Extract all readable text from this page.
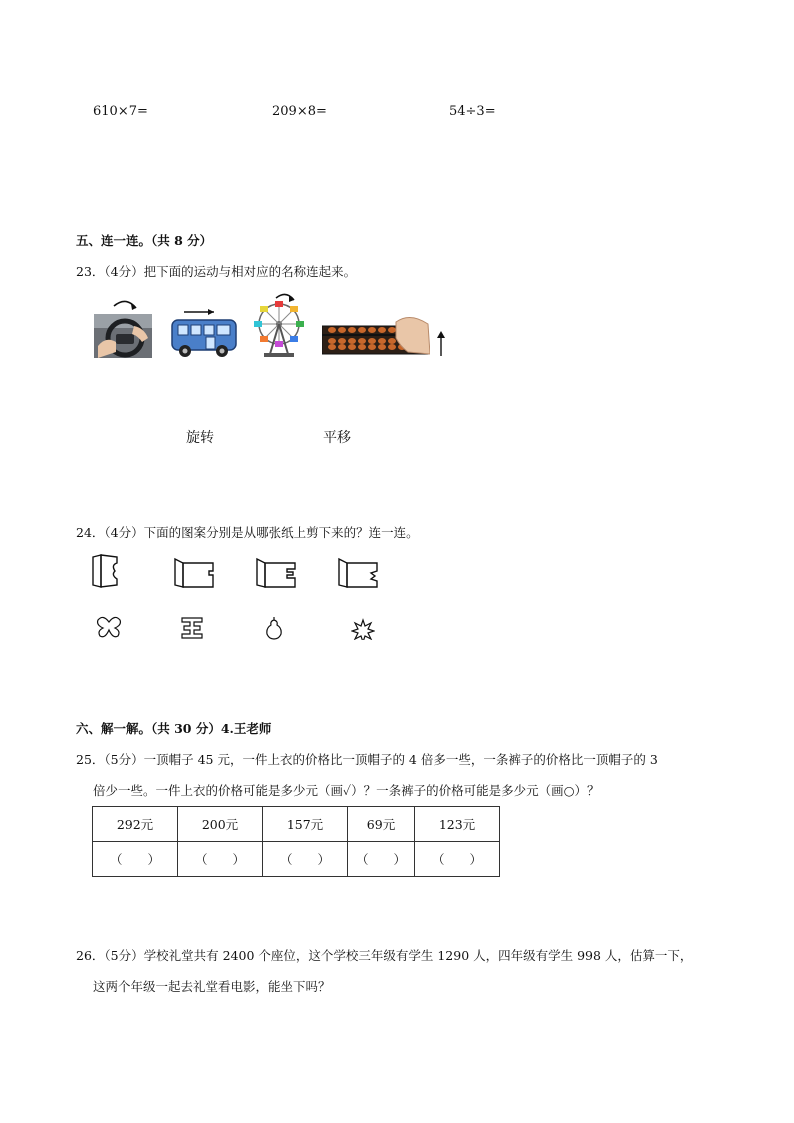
610×7=	209×8=	54÷3=
五、连一连。（共 8 分）
23．（4分）把下面的运动与相对应的名称连起来。
旋转	平移
24．（4分）下面的图案分别是从哪张纸上剪下来的？连一连。
六、解一解。（共 30 分）4.王老师
25．（5分）一顶帽子 45 元，一件上衣的价格比一顶帽子的 4 倍多一些，一条裤子的价格比一顶帽子的 3
倍少一些。一件上衣的价格可能是多少元（画✓）？一条裤子的价格可能是多少元（画○）？
292元	200元	157元	69元	123元
（　　）	（　　）	（　　）	（　　）	（　　）
26．（5分）学校礼堂共有 2400 个座位，这个学校三年级有学生 1290 人，四年级有学生 998 人，估算一下，
这两个年级一起去礼堂看电影，能坐下吗？
